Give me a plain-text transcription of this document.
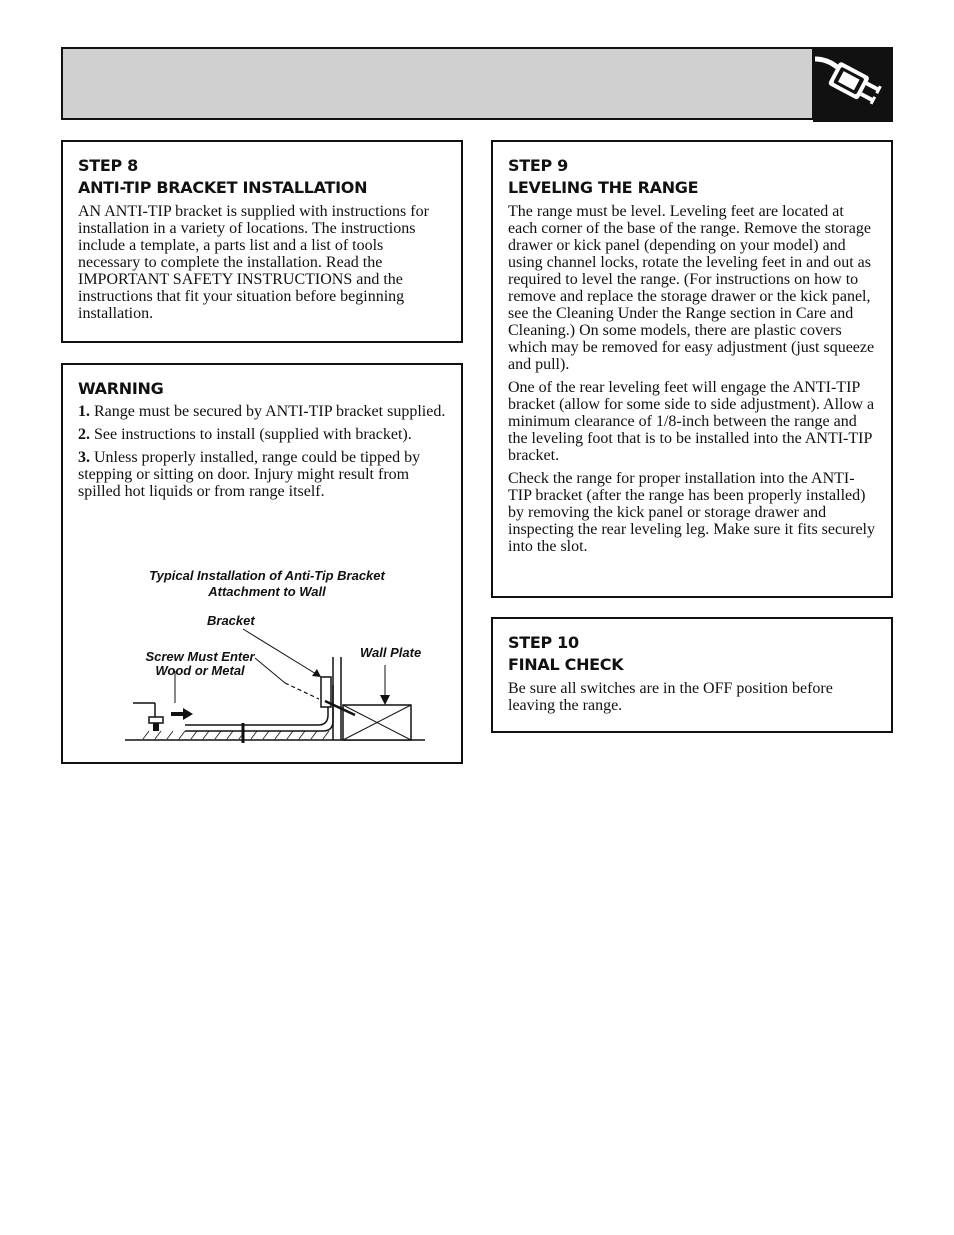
STEP 8
ANTI-TIP BRACKET INSTALLATION

AN ANTI-TIP bracket is supplied with instructions for installation in a variety of locations. The instructions include a template, a parts list and a list of tools necessary to complete the installation. Read the IMPORTANT SAFETY INSTRUCTIONS and the instructions that fit your situation before beginning installation.

WARNING

1. Range must be secured by ANTI-TIP bracket supplied.

2. See instructions to install (supplied with bracket).

3. Unless properly installed, range could be tipped by stepping or sitting on door. Injury might result from spilled hot liquids or from range itself.

Typical Installation of Anti-Tip Bracket
Attachment to Wall
Bracket
Screw Must Enter
Wood or Metal
Wall Plate
STEP 9
LEVELING THE RANGE

The range must be level. Leveling feet are located at each corner of the base of the range. Remove the storage drawer or kick panel (depending on your model) and using channel locks, rotate the leveling feet in and out as required to level the range. (For instructions on how to remove and replace the storage drawer or the kick panel, see the Cleaning Under the Range section in Care and Cleaning.) On some models, there are plastic covers which may be removed for easy adjustment (just squeeze and pull).

One of the rear leveling feet will engage the ANTI-TIP bracket (allow for some side to side adjustment). Allow a minimum clearance of 1/8-inch between the range and the leveling foot that is to be installed into the ANTI-TIP bracket.

Check the range for proper installation into the ANTI-TIP bracket (after the range has been properly installed) by removing the kick panel or storage drawer and inspecting the rear leveling leg. Make sure it fits securely into the slot.

STEP 10
FINAL CHECK

Be sure all switches are in the OFF position before leaving the range.
